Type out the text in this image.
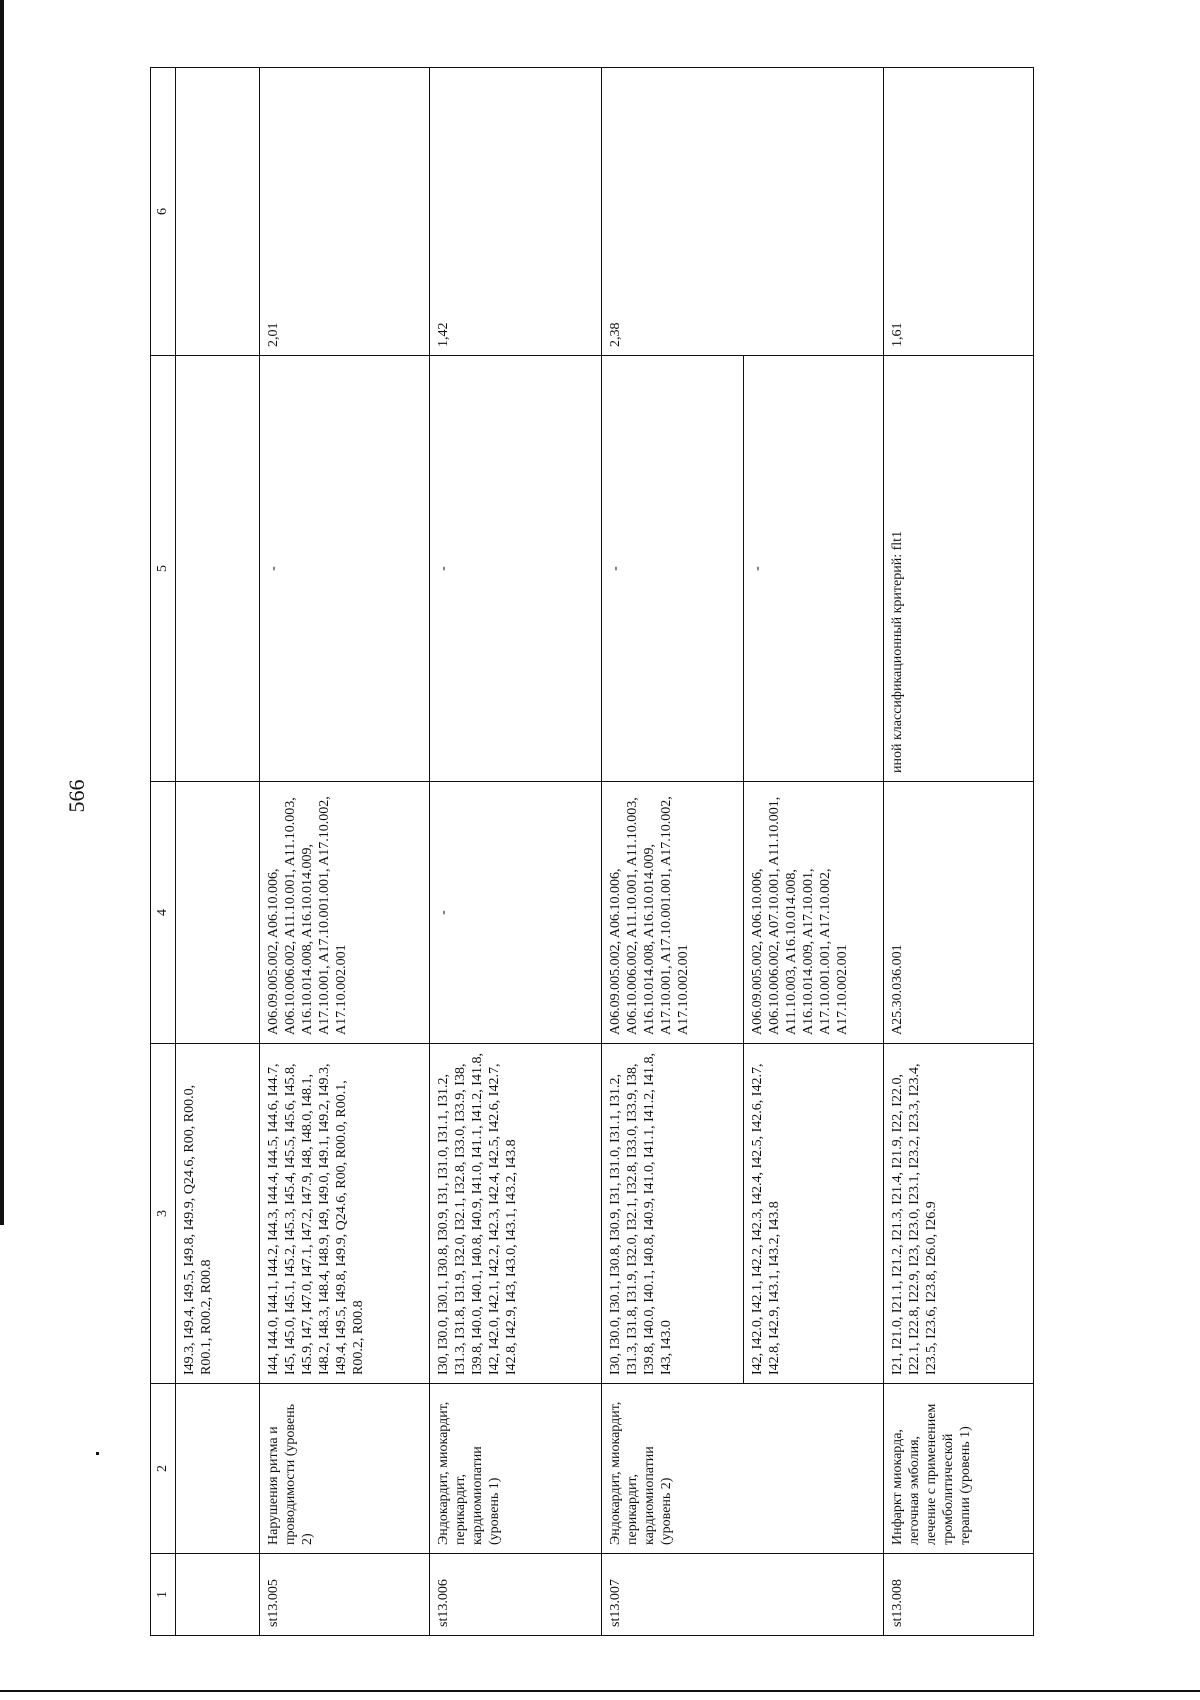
566
1	2	3	4	5	6
		I49.3, I49.4, I49.5, I49.8, I49.9, Q24.6, R00, R00.0, R00.1, R00.2, R00.8			
st13.005	Нарушения ритма и проводимости (уровень 2)	I44, I44.0, I44.1, I44.2, I44.3, I44.4, I44.5, I44.6, I44.7, I45, I45.0, I45.1, I45.2, I45.3, I45.4, I45.5, I45.6, I45.8, I45.9, I47, I47.0, I47.1, I47.2, I47.9, I48, I48.0, I48.1, I48.2, I48.3, I48.4, I48.9, I49, I49.0, I49.1, I49.2, I49.3, I49.4, I49.5, I49.8, I49.9, Q24.6, R00, R00.0, R00.1, R00.2, R00.8	A06.09.005.002, A06.10.006, A06.10.006.002, A11.10.001, A11.10.003, A16.10.014.008, A16.10.014.009, A17.10.001, A17.10.001.001, A17.10.002, A17.10.002.001	-	2,01
st13.006	Эндокардит, миокардит, перикардит, кардиомиопатии (уровень 1)	I30, I30.0, I30.1, I30.8, I30.9, I31, I31.0, I31.1, I31.2, I31.3, I31.8, I31.9, I32.0, I32.1, I32.8, I33.0, I33.9, I38, I39.8, I40.0, I40.1, I40.8, I40.9, I41.0, I41.1, I41.2, I41.8, I42, I42.0, I42.1, I42.2, I42.3, I42.4, I42.5, I42.6, I42.7, I42.8, I42.9, I43, I43.0, I43.1, I43.2, I43.8	-	-	1,42
st13.007	Эндокардит, миокардит, перикардит, кардиомиопатии (уровень 2)	I30, I30.0, I30.1, I30.8, I30.9, I31, I31.0, I31.1, I31.2, I31.3, I31.8, I31.9, I32.0, I32.1, I32.8, I33.0, I33.9, I38, I39.8, I40.0, I40.1, I40.8, I40.9, I41.0, I41.1, I41.2, I41.8, I43, I43.0	A06.09.005.002, A06.10.006, A06.10.006.002, A11.10.001, A11.10.003, A16.10.014.008, A16.10.014.009, A17.10.001, A17.10.001.001, A17.10.002, A17.10.002.001	-	2,38
		I42, I42.0, I42.1, I42.2, I42.3, I42.4, I42.5, I42.6, I42.7, I42.8, I42.9, I43.1, I43.2, I43.8	A06.09.005.002, A06.10.006, A06.10.006.002, A07.10.001, A11.10.001, A11.10.003, A16.10.014.008, A16.10.014.009, A17.10.001, A17.10.001.001, A17.10.002, A17.10.002.001	-	

st13.008	Инфаркт миокарда, легочная эмболия, лечение с применением тромболитической терапии (уровень 1)	I21, I21.0, I21.1, I21.2, I21.3, I21.4, I21.9, I22, I22.0, I22.1, I22.8, I22.9, I23, I23.0, I23.1, I23.2, I23.3, I23.4, I23.5, I23.6, I23.8, I26.0, I26.9	A25.30.036.001	иной классификационный критерий: flt1	1,61
